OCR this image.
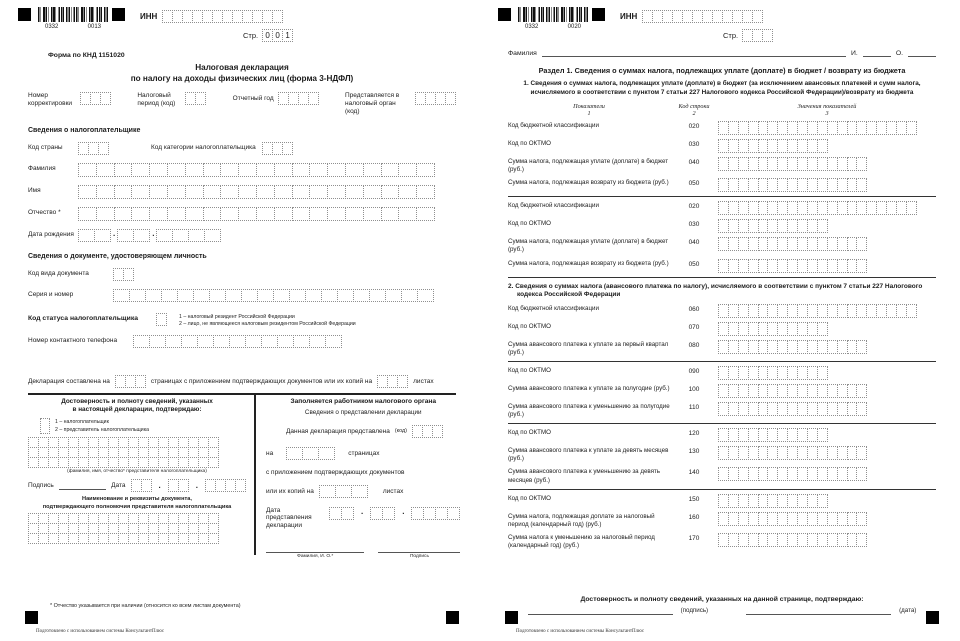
0332	0013
ИНН
Стр. 0 0 1
Форма по КНД 1151020
Налоговая декларация
по налогу на доходы физических лиц (форма 3-НДФЛ)
Номер корректировки
Налоговый период (код)
Отчетный год	Представляется в налоговый орган (код)
Сведения о налогоплательщике
Код страны	Код категории налогоплательщика
Фамилия
Имя
Отчество *
Дата рождения	.	.
Сведения о документе, удостоверяющем личность
Код вида документа
Серия и номер
Код статуса налогоплательщика	1 – налоговый резидент Российской Федерации
2 – лицо, не являющееся налоговым резидентом Российской Федерации
Номер контактного телефона
Декларация составлена на	страницах с приложением подтверждающих документов или их копий на	листах
Достоверность и полноту сведений, указанных
в настоящей декларации, подтверждаю:
1 – налогоплательщик
2 – представитель налогоплательщика
(фамилия, имя, отчество* представителя налогоплательщика)
Подпись	Дата	.	.
Наименование и реквизиты документа,
подтверждающего полномочия представителя налогоплательщика
Заполняется работником налогового органа
Сведения о представлении декларации
Данная декларация представлена (код)
на	страницах
с приложением подтверждающих документов
или их копий на	листах
Дата представления декларации
.	.
Фамилия, И. О.*	Подпись
* Отчество указывается при наличии (относится ко всем листам документа)
Подготовлено с использованием системы КонсультантПлюс
0332	0020
ИНН
Стр.
Фамилия	И.	О.
Раздел 1. Сведения о суммах налога, подлежащих уплате (доплате) в бюджет / возврату из бюджета
1. Сведения о суммах налога, подлежащих уплате (доплате) в бюджет (за исключением авансовых платежей и сумм налога, исчисляемого в соответствии с пунктом 7 статьи 227 Налогового кодекса Российской Федерации)/возврату из бюджета
Показатели
1
Код строки
2
Значения показателей
3
Код бюджетной классификации	020
Код по ОКТМО	030
Сумма налога, подлежащая уплате (доплате) в бюджет (руб.)
040
Сумма налога, подлежащая возврату из бюджета (руб.)	050
Код бюджетной классификации	020
Код по ОКТМО	030
Сумма налога, подлежащая уплате (доплате) в бюджет (руб.)
040
Сумма налога, подлежащая возврату из бюджета (руб.)	050
2. Сведения о суммах налога (авансового платежа по налогу), исчисляемого в соответствии с пунктом 7 статьи 227 Налогового кодекса Российской Федерации
Код бюджетной классификации	060
Код по ОКТМО	070
Сумма авансового платежа к уплате за первый квартал (руб.)
080
Код по ОКТМО	090
Сумма авансового платежа к уплате за полугодие (руб.)	100
Сумма авансового платежа к уменьшению за полугодие (руб.)
110
Код по ОКТМО	120
Сумма авансового платежа к уплате за девять месяцев (руб.)
130
Сумма авансового платежа к уменьшению за девять месяцев (руб.)
140
Код по ОКТМО	150
Сумма налога, подлежащая доплате за налоговый период (календарный год) (руб.)
160
Сумма налога к уменьшению за налоговый период (календарный год) (руб.)
170
Достоверность и полноту сведений, указанных на данной странице, подтверждаю:
(подпись)	(дата)
Подготовлено с использованием системы КонсультантПлюс
